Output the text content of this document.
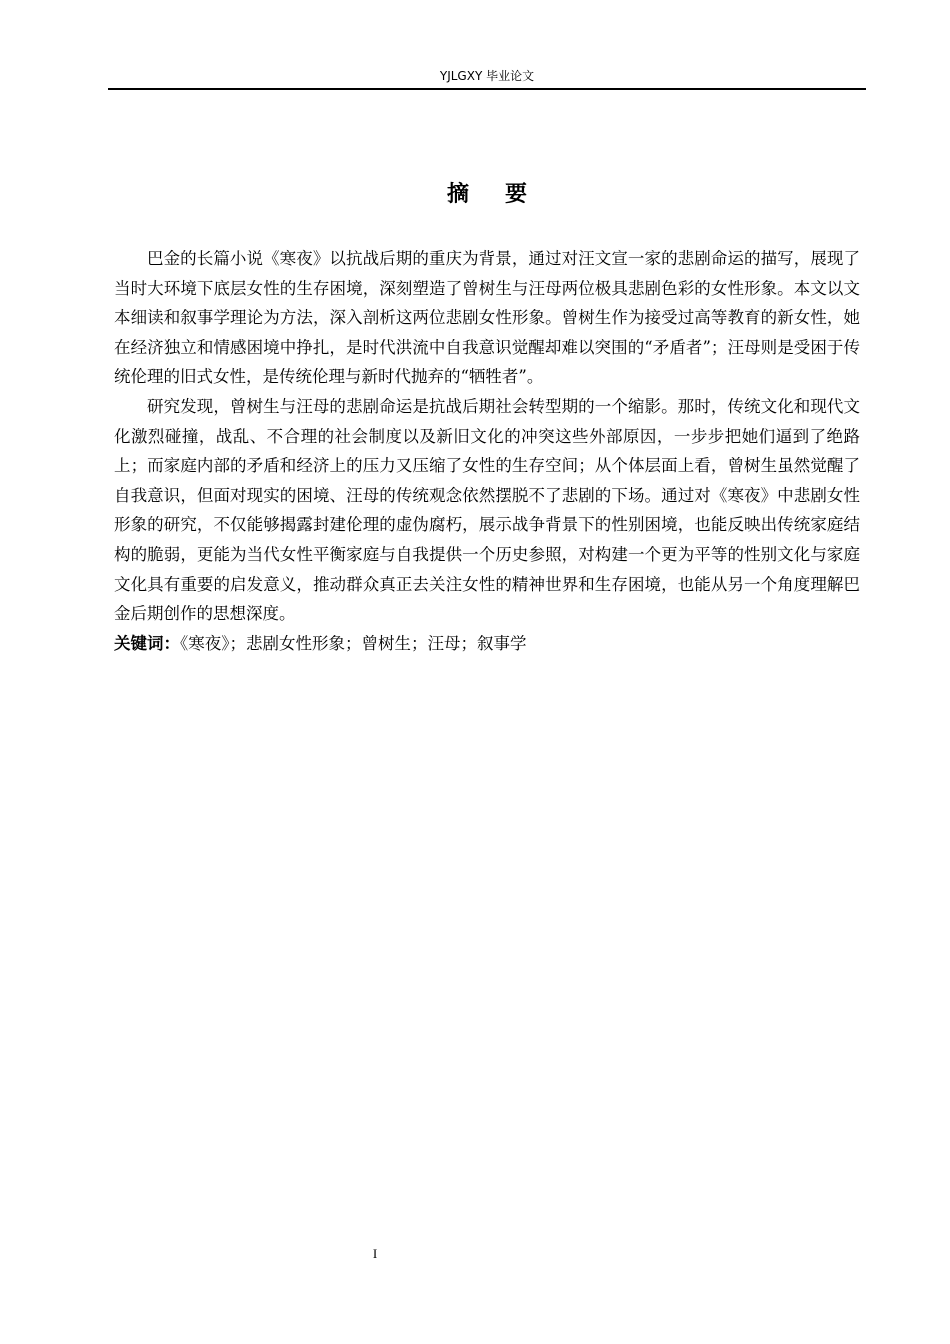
YJLGXY 毕业论文
摘要

巴金的长篇小说《寒夜》以抗战后期的重庆为背景，通过对汪文宣一家的悲剧命运的描写，展现了当时大环境下底层女性的生存困境，深刻塑造了曾树生与汪母两位极具悲剧色彩的女性形象。本文以文本细读和叙事学理论为方法，深入剖析这两位悲剧女性形象。曾树生作为接受过高等教育的新女性，她在经济独立和情感困境中挣扎，是时代洪流中自我意识觉醒却难以突围的“矛盾者”；汪母则是受困于传统伦理的旧式女性，是传统伦理与新时代抛弃的“牺牲者”。

研究发现，曾树生与汪母的悲剧命运是抗战后期社会转型期的一个缩影。那时，传统文化和现代文化激烈碰撞，战乱、不合理的社会制度以及新旧文化的冲突这些外部原因，一步步把她们逼到了绝路上；而家庭内部的矛盾和经济上的压力又压缩了女性的生存空间；从个体层面上看，曾树生虽然觉醒了自我意识，但面对现实的困境、汪母的传统观念依然摆脱不了悲剧的下场。通过对《寒夜》中悲剧女性形象的研究，不仅能够揭露封建伦理的虚伪腐朽，展示战争背景下的性别困境，也能反映出传统家庭结构的脆弱，更能为当代女性平衡家庭与自我提供一个历史参照，对构建一个更为平等的性别文化与家庭文化具有重要的启发意义，推动群众真正去关注女性的精神世界和生存困境，也能从另一个角度理解巴金后期创作的思想深度。

关键词：《寒夜》；悲剧女性形象；曾树生；汪母；叙事学

I
